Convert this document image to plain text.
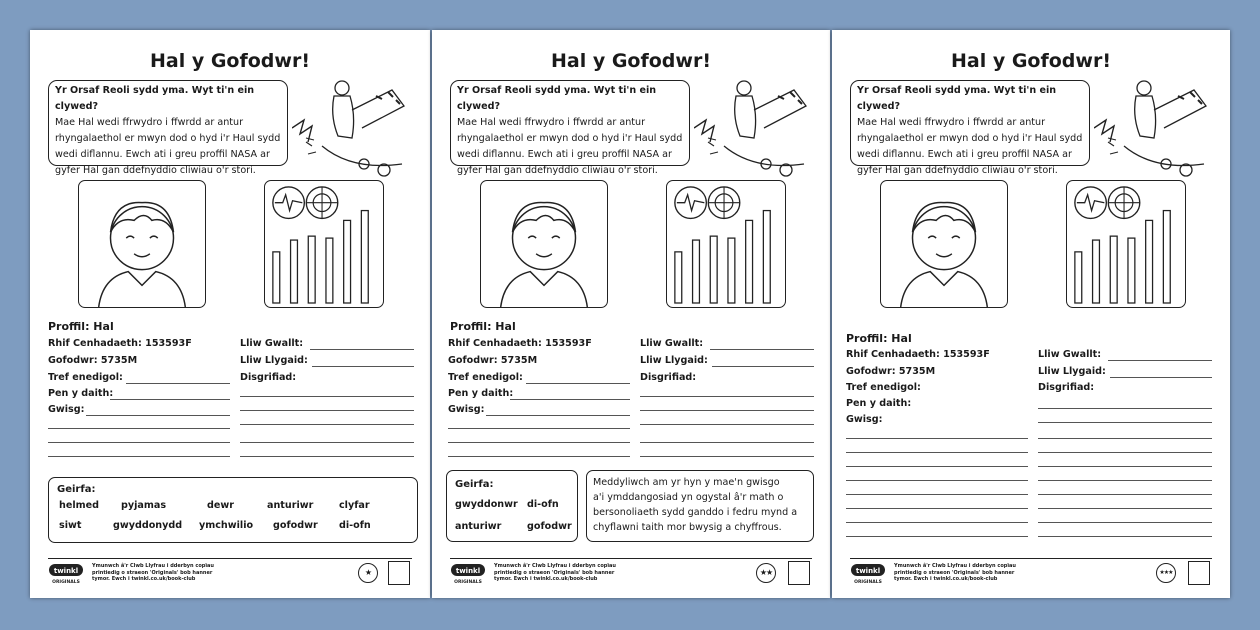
Hal y Gofodwr!
Yr Orsaf Reoli sydd yma. Wyt ti'n ein clywed?
Mae Hal wedi ffrwydro i ffwrdd ar antur
rhyngalaethol er mwyn dod o hyd i'r Haul sydd
wedi diflannu. Ewch ati i greu proffil NASA ar
gyfer Hal gan ddefnyddio cliwiau o'r stori.
Proffil: Hal
Rhif Cenhadaeth: 153593F
Gofodwr: 5735M
Tref enedigol:
Pen y daith:
Gwisg:
Lliw Gwallt:
Lliw Llygaid:
Disgrifiad:
Geirfa:
helmed pyjamas	dewr	anturiwr	clyfar
siwt	gwyddonydd ymchwilio gofodwr di-ofn
twinkl
ORIGINALS
Ymunwch â'r Clwb Llyfrau i dderbyn copïau
printiedig o straeon 'Originals' bob hanner
tymor. Ewch i twinkl.co.uk/book-club
★
Hal y Gofodwr!
Yr Orsaf Reoli sydd yma. Wyt ti'n ein clywed?
Mae Hal wedi ffrwydro i ffwrdd ar antur
rhyngalaethol er mwyn dod o hyd i'r Haul sydd
wedi diflannu. Ewch ati i greu proffil NASA ar
gyfer Hal gan ddefnyddio cliwiau o'r stori.
Proffil: Hal
Rhif Cenhadaeth: 153593F
Gofodwr: 5735M
Tref enedigol:
Pen y daith:
Gwisg:
Lliw Gwallt:
Lliw Llygaid:
Disgrifiad:
Geirfa:
gwyddonwr di-ofn
anturiwr	gofodwr
Meddyliwch am yr hyn y mae'n gwisgo
a'i ymddangosiad yn ogystal â'r math o
bersonoliaeth sydd ganddo i fedru mynd a
chyflawni taith mor bwysig a chyffrous.
twinkl
ORIGINALS
Ymunwch â'r Clwb Llyfrau i dderbyn copïau
printiedig o straeon 'Originals' bob hanner
tymor. Ewch i twinkl.co.uk/book-club
★★
Hal y Gofodwr!
Yr Orsaf Reoli sydd yma. Wyt ti'n ein clywed?
Mae Hal wedi ffrwydro i ffwrdd ar antur
rhyngalaethol er mwyn dod o hyd i'r Haul sydd
wedi diflannu. Ewch ati i greu proffil NASA ar
gyfer Hal gan ddefnyddio cliwiau o'r stori.
Proffil: Hal
Rhif Cenhadaeth: 153593F
Gofodwr: 5735M
Tref enedigol:
Pen y daith:
Gwisg:
Lliw Gwallt:
Lliw Llygaid:
Disgrifiad:
twinkl
ORIGINALS
Ymunwch â'r Clwb Llyfrau i dderbyn copïau
printiedig o straeon 'Originals' bob hanner
tymor. Ewch i twinkl.co.uk/book-club
★★★
